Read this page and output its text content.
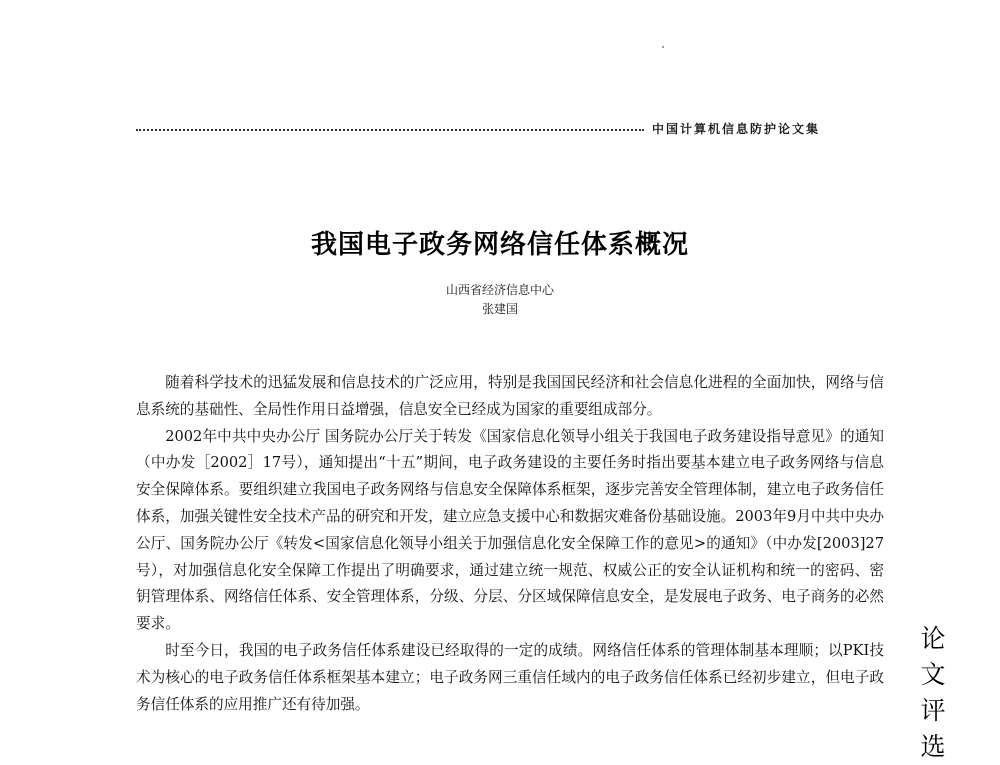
中国计算机信息防护论文集
我国电子政务网络信任体系概况
山西省经济信息中心
张建国

随着科学技术的迅猛发展和信息技术的广泛应用，特别是我国国民经济和社会信息化进程的全面加快，网络与信息系统的基础性、全局性作用日益增强，信息安全已经成为国家的重要组成部分。

2002年中共中央办公厅 国务院办公厅关于转发《国家信息化领导小组关于我国电子政务建设指导意见》的通知（中办发［2002］17号），通知提出“十五”期间，电子政务建设的主要任务时指出要基本建立电子政务网络与信息安全保障体系。要组织建立我国电子政务网络与信息安全保障体系框架，逐步完善安全管理体制，建立电子政务信任体系，加强关键性安全技术产品的研究和开发，建立应急支援中心和数据灾难备份基础设施。2003年9月中共中央办公厅、国务院办公厅《转发<国家信息化领导小组关于加强信息化安全保障工作的意见>的通知》（中办发[2003]27号），对加强信息化安全保障工作提出了明确要求，通过建立统一规范、权威公正的安全认证机构和统一的密码、密钥管理体系、网络信任体系、安全管理体系，分级、分层、分区域保障信息安全，是发展电子政务、电子商务的必然要求。

时至今日，我国的电子政务信任体系建设已经取得的一定的成绩。网络信任体系的管理体制基本理顺；以PKI技术为核心的电子政务信任体系框架基本建立；电子政务网三重信任域内的电子政务信任体系已经初步建立，但电子政务信任体系的应用推广还有待加强。

论
文
评
选
